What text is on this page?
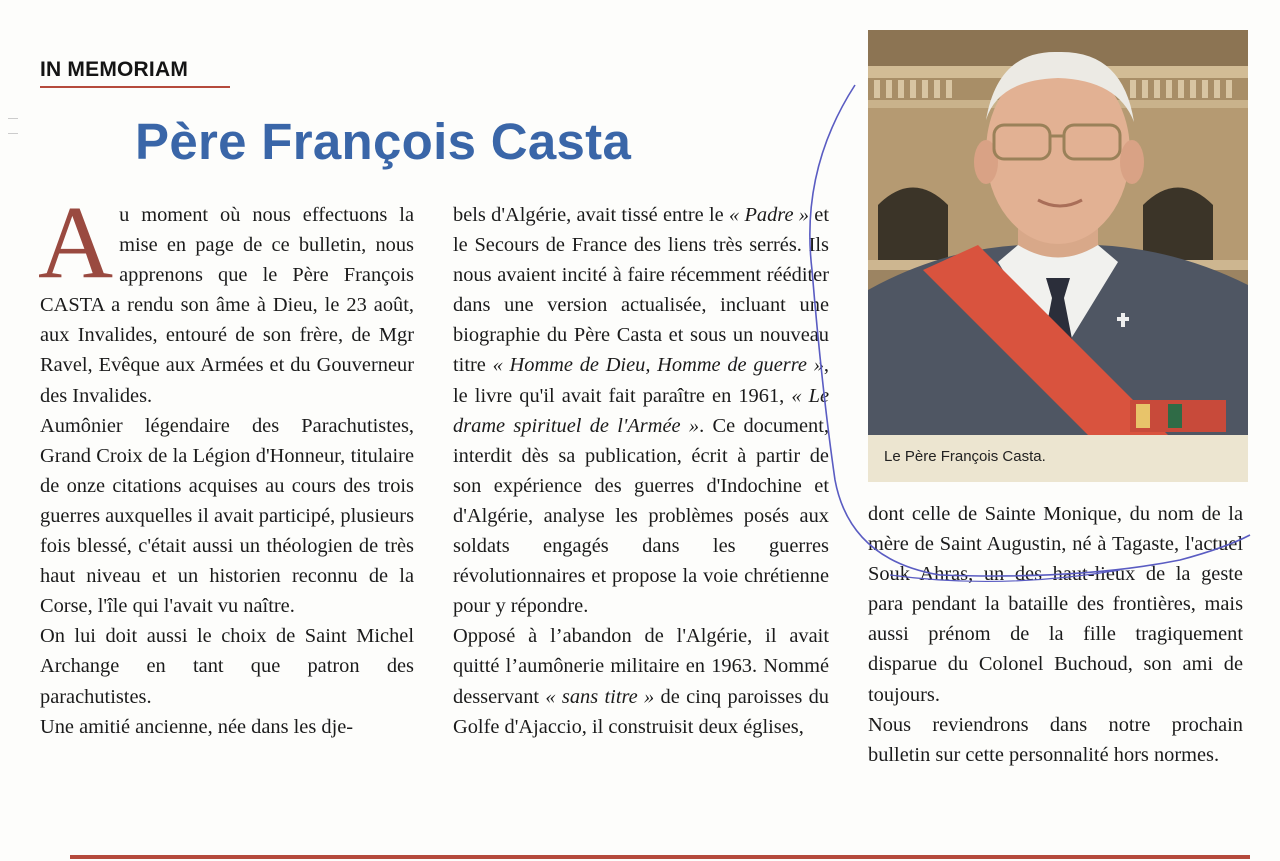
IN MEMORIAM
Père François Casta
A u moment où nous effectuons la mise en page de ce bulletin, nous apprenons que le Père François CASTA a rendu son âme à Dieu, le 23 août, aux Invalides, entouré de son frère, de Mgr Ravel, Evêque aux Armées et du Gouverneur des Invalides.

Aumônier légendaire des Parachutistes, Grand Croix de la Légion d'Honneur, titulaire de onze citations acquises au cours des trois guerres auxquelles il avait participé, plusieurs fois blessé, c'était aussi un théologien de très haut niveau et un historien reconnu de la Corse, l'île qui l'avait vu naître.

On lui doit aussi le choix de Saint Michel Archange en tant que patron des parachutistes.

Une amitié ancienne, née dans les dje-

bels d'Algérie, avait tissé entre le « Padre » et le Secours de France des liens très serrés. Ils nous avaient incité à faire récemment rééditer dans une version actualisée, incluant une biographie du Père Casta et sous un nouveau titre « Homme de Dieu, Homme de guerre », le livre qu'il avait fait paraître en 1961, « Le drame spirituel de l'Armée ». Ce document, interdit dès sa publication, écrit à partir de son expérience des guerres d'Indochine et d'Algérie, analyse les problèmes posés aux soldats engagés dans les guerres révolutionnaires et propose la voie chrétienne pour y répondre.

Opposé à l’abandon de l'Algérie, il avait quitté l’aumônerie militaire en 1963. Nommé desservant « sans titre » de cinq paroisses du Golfe d'Ajaccio, il construisit deux églises,

Le Père François Casta.

dont celle de Sainte Monique, du nom de la mère de Saint Augustin, né à Tagaste, l'actuel Souk Ahras, un des haut-lieux de la geste para pendant la bataille des frontières, mais aussi prénom de la fille tragiquement disparue du Colonel Buchoud, son ami de toujours.

Nous reviendrons dans notre prochain bulletin sur cette personnalité hors normes.
